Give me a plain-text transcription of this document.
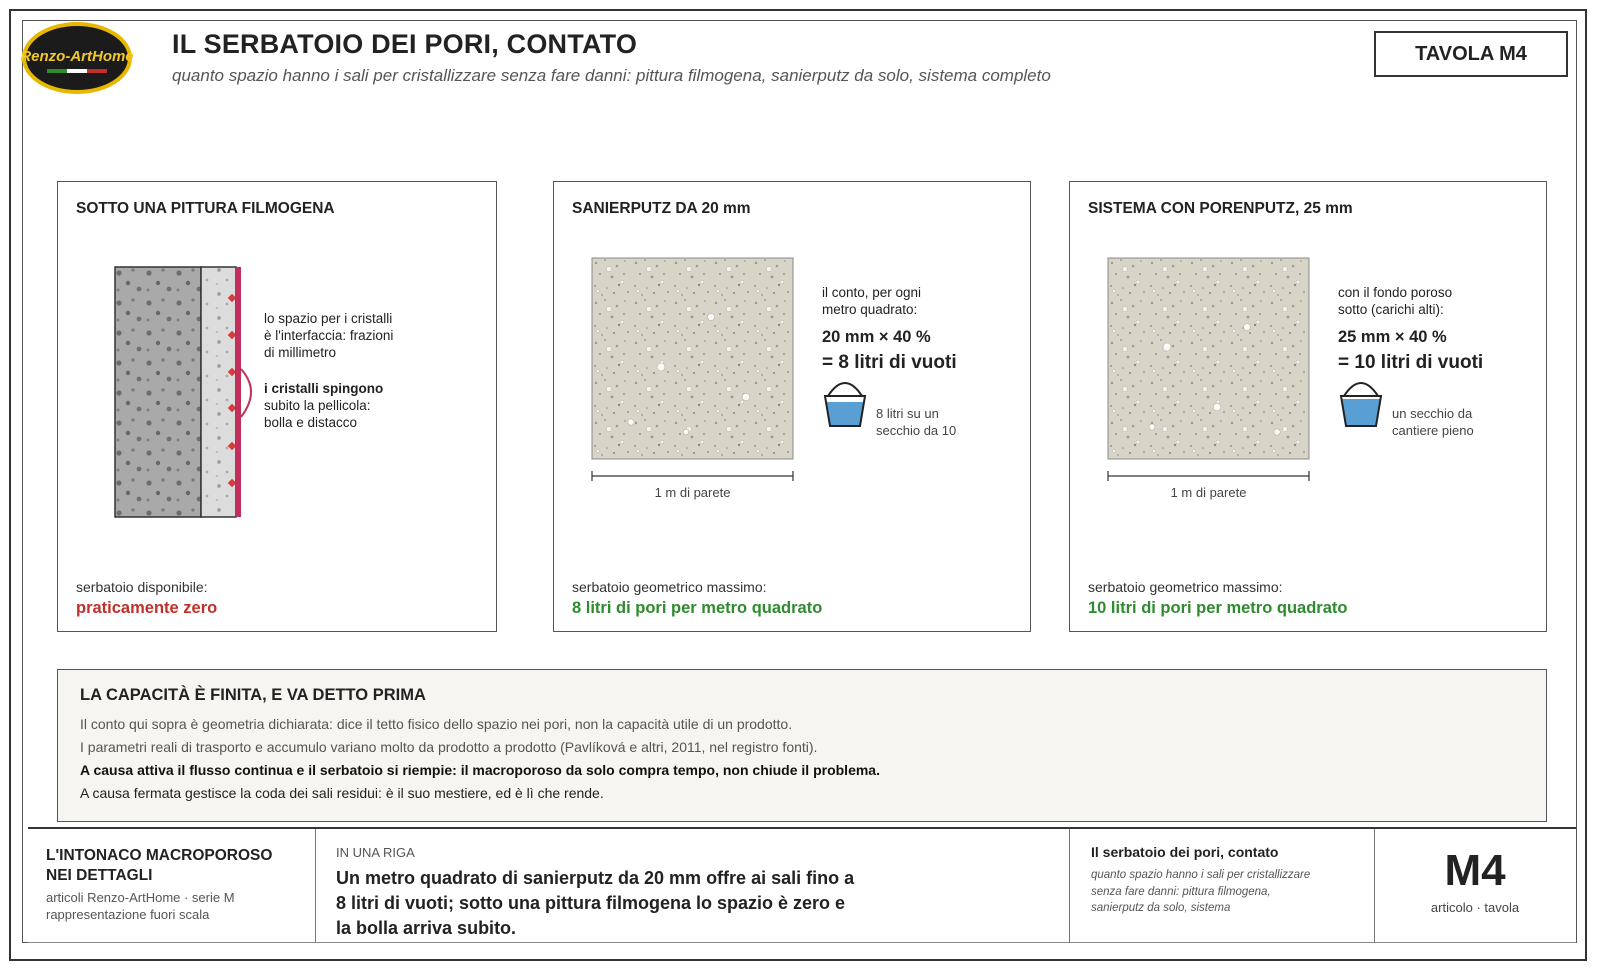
Renzo-ArtHome IL SERBATOIO DEI PORI, CONTATO
quanto spazio hanno i sali per cristallizzare senza fare danni: pittura filmogena, sanierputz da solo, sistema completo
TAVOLA M4
SOTTO UNA PITTURA FILMOGENA
lo spazio per i cristalli
è l'interfaccia: frazioni
di millimetro
i cristalli spingono
subito la pellicola:
bolla e distacco
serbatoio disponibile:
praticamente zero
SANIERPUTZ DA 20 mm
1 m di parete
il conto, per ogni
metro quadrato:
20 mm × 40 %
= 8 litri di vuoti
8 litri su un
secchio da 10
serbatoio geometrico massimo:
8 litri di pori per metro quadrato
SISTEMA CON PORENPUTZ, 25 mm
1 m di parete
con il fondo poroso
sotto (carichi alti):
25 mm × 40 %
= 10 litri di vuoti
un secchio da
cantiere pieno
serbatoio geometrico massimo:
10 litri di pori per metro quadrato
LA CAPACITÀ È FINITA, E VA DETTO PRIMA
Il conto qui sopra è geometria dichiarata: dice il tetto fisico dello spazio nei pori, non la capacità utile di un prodotto.
I parametri reali di trasporto e accumulo variano molto da prodotto a prodotto (Pavlíková e altri, 2011, nel registro fonti).
A causa attiva il flusso continua e il serbatoio si riempie: il macroporoso da solo compra tempo, non chiude il problema.
A causa fermata gestisce la coda dei sali residui: è il suo mestiere, ed è lì che rende.
L'INTONACO MACROPOROSO
NEI DETTAGLI
articoli Renzo-ArtHome · serie M
rappresentazione fuori scala
IN UNA RIGA
Un metro quadrato di sanierputz da 20 mm offre ai sali fino a 8 litri di vuoti; sotto una pittura filmogena lo spazio è zero e la bolla arriva subito.
Il serbatoio dei pori, contato
quanto spazio hanno i sali per cristallizzare senza fare danni: pittura filmogena, sanierputz da solo, sistema
M4
articolo · tavola
